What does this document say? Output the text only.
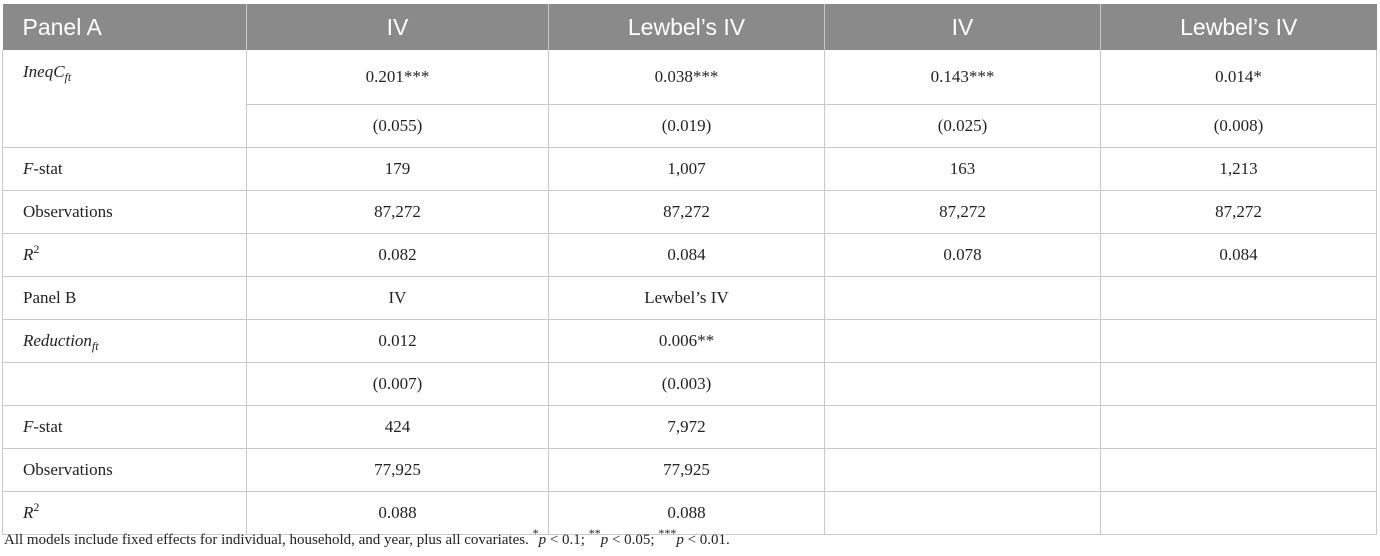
Panel A	IV	Lewbel’s IV	IV	Lewbel’s IV
IneqC$_{ft}$	0.201***	0.038***	0.143***	0.014*
	(0.055)	(0.019)	(0.025)	(0.008)
F-stat	179	1,007	163	1,213
Observations	87,272	87,272	87,272	87,272
$R^2$	0.082	0.084	0.078	0.084
Panel B	IV	Lewbel’s IV		
Reduction$_{ft}$	0.012	0.006**		
	(0.007)	(0.003)		
F-stat	424	7,972		
Observations	77,925	77,925		
$R^2$	0.088	0.088		
All models include fixed effects for individual, household, and year, plus all covariates. *p < 0.1; **p < 0.05; ***p < 0.01.
